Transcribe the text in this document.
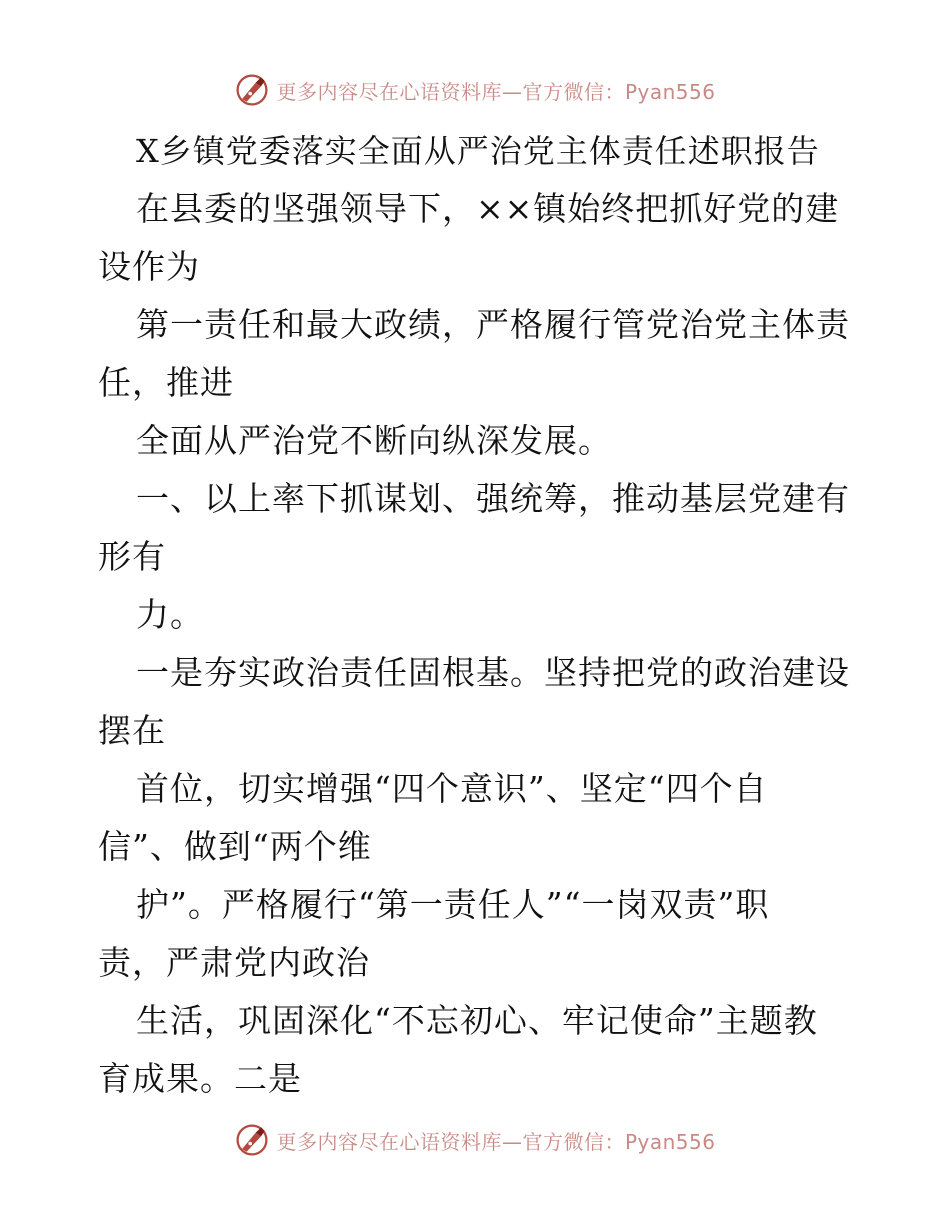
更多内容尽在心语资料库—官方微信：Pyan556
X乡镇党委落实全面从严治党主体责任述职报告
在县委的坚强领导下，××镇始终把抓好党的建
设作为
第一责任和最大政绩，严格履行管党治党主体责
任，推进
全面从严治党不断向纵深发展。
一、以上率下抓谋划、强统筹，推动基层党建有
形有
力。
一是夯实政治责任固根基。坚持把党的政治建设
摆在
首位，切实增强“四个意识”、坚定“四个自
信”、做到“两个维
护”。严格履行“第一责任人”“一岗双责”职
责，严肃党内政治
生活，巩固深化“不忘初心、牢记使命”主题教
育成果。二是
更多内容尽在心语资料库—官方微信：Pyan556
